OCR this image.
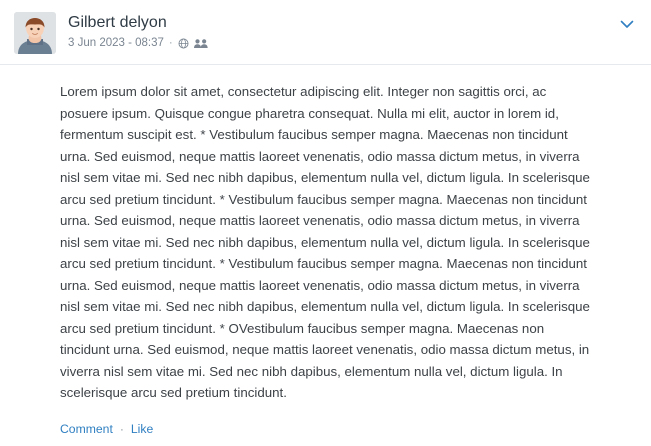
Gilbert delyon
3 Jun 2023 - 08:37 ·

Lorem ipsum dolor sit amet, consectetur adipiscing elit. Integer non sagittis orci, ac posuere ipsum. Quisque congue pharetra consequat. Nulla mi elit, auctor in lorem id, fermentum suscipit est. * Vestibulum faucibus semper magna. Maecenas non tincidunt urna. Sed euismod, neque mattis laoreet venenatis, odio massa dictum metus, in viverra nisl sem vitae mi. Sed nec nibh dapibus, elementum nulla vel, dictum ligula. In scelerisque arcu sed pretium tincidunt. * Vestibulum faucibus semper magna. Maecenas non tincidunt urna. Sed euismod, neque mattis laoreet venenatis, odio massa dictum metus, in viverra nisl sem vitae mi. Sed nec nibh dapibus, elementum nulla vel, dictum ligula. In scelerisque arcu sed pretium tincidunt. * Vestibulum faucibus semper magna. Maecenas non tincidunt urna. Sed euismod, neque mattis laoreet venenatis, odio massa dictum metus, in viverra nisl sem vitae mi. Sed nec nibh dapibus, elementum nulla vel, dictum ligula. In scelerisque arcu sed pretium tincidunt. * OVestibulum faucibus semper magna. Maecenas non tincidunt urna. Sed euismod, neque mattis laoreet venenatis, odio massa dictum metus, in viverra nisl sem vitae mi. Sed nec nibh dapibus, elementum nulla vel, dictum ligula. In scelerisque arcu sed pretium tincidunt.

Comment · Like
